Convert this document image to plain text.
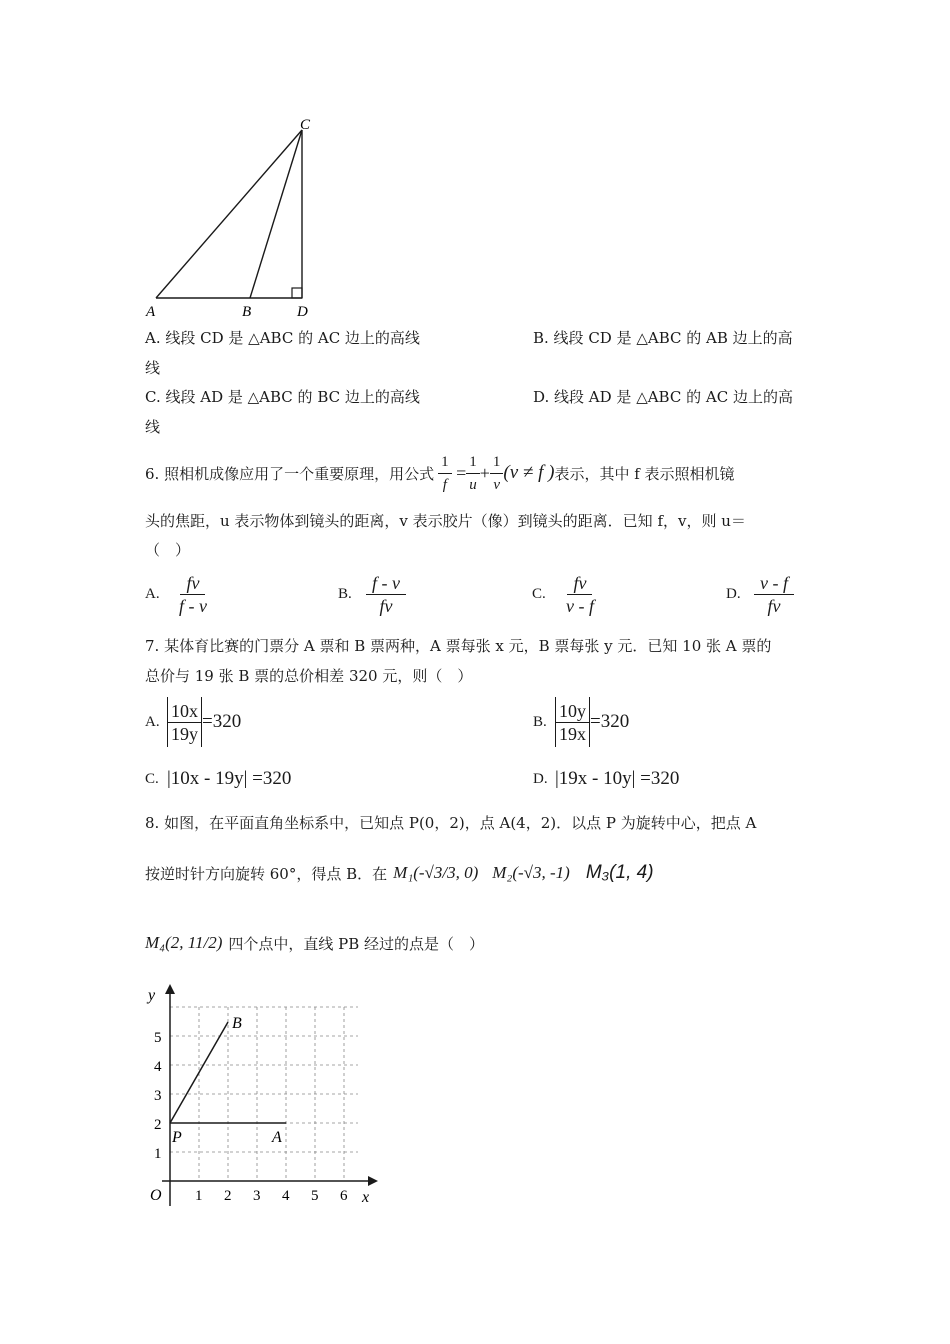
A	B	D
C
A. 线段 CD 是 △ABC 的 AC 边上的高线	B. 线段 CD 是 △ABC 的 AB 边上的高
线
C. 线段 AD 是 △ABC 的 BC 边上的高线	D. 线段 AD 是 △ABC 的 AC 边上的高
线
6. 照相机成像应用了一个重要原理，用公式 $\frac{1}{f} = \frac{1}{u} + \frac{1}{v} (v \ne f$ ) 表示，其中 f 表示照相机镜
头的焦距，u 表示物体到镜头的距离，v 表示胶片（像）到镜头的距离．已知 f，v，则 u＝
（　）
A. $\frac{fv}{f - v}$	B. $\frac{f - v}{fv}$	C. $\frac{fv}{v - f}$	D. $\frac{v - f}{fv}$
7. 某体育比赛的门票分 A 票和 B 票两种，A 票每张 x 元，B 票每张 y 元．已知 10 张 A 票的
总价与 19 张 B 票的总价相差 320 元，则（　）
A. $\frac{10x}{19y} =320$	B. $\frac{10y}{19x} =320$
C. |10x - 19y| =320	D. |19x - 10y| =320
8. 如图，在平面直角坐标系中，已知点 P(0，2)，点 A(4，2)．以点 P 为旋转中心，把点 A
按逆时针方向旋转 60°，得点 B．在 M₁(-√3/3, 0) M₂(-√3, -1) M₃(1, 4)
M₄(2, 11/2) 四个点中，直线 PB 经过的点是（　）
y
x
O 1 2 3 4 5 6
1
2
3
4
5
P	A
B
